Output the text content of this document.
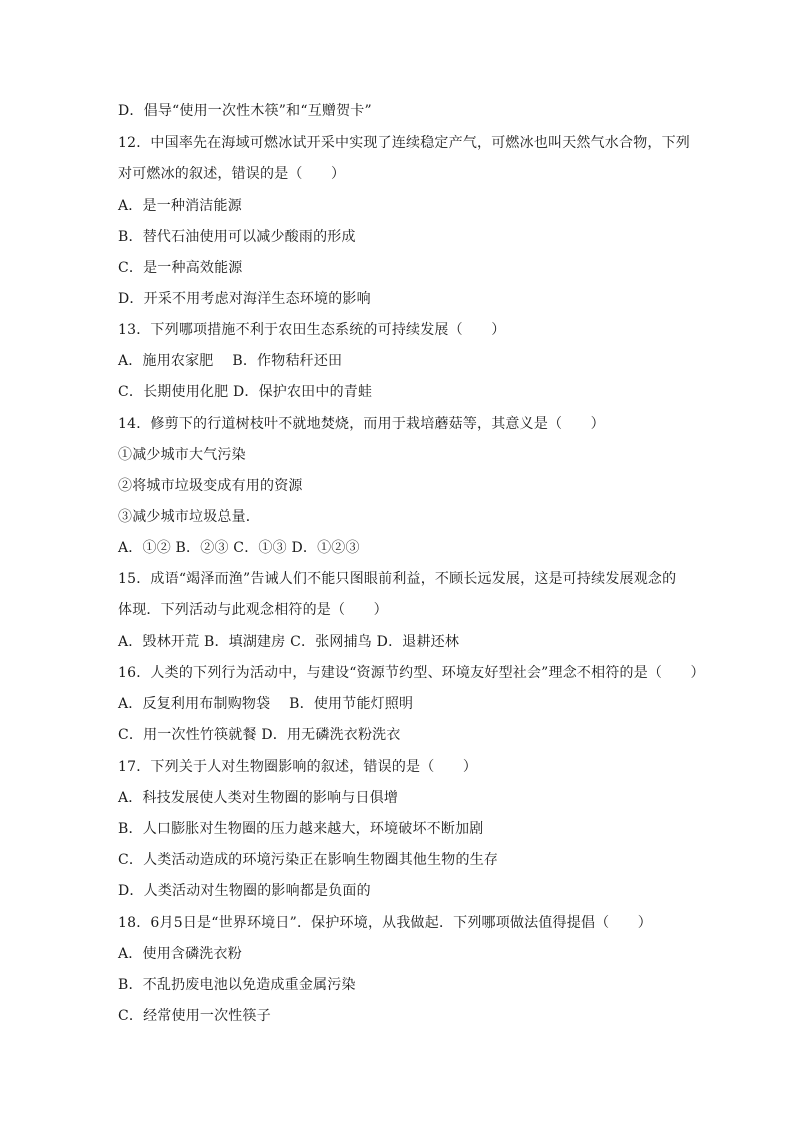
D．倡导“使用一次性木筷”和“互赠贺卡”
12．中国率先在海域可燃冰试开采中实现了连续稳定产气，可燃冰也叫天然气水合物，下列
对可燃冰的叙述，错误的是（　　）
A．是一种消洁能源
B．替代石油使用可以减少酸雨的形成
C．是一种高效能源
D．开采不用考虑对海洋生态环境的影响
13．下列哪项措施不利于农田生态系统的可持续发展（　　）
A．施用农家肥　 B．作物秸秆还田
C．长期使用化肥 D．保护农田中的青蛙
14．修剪下的行道树枝叶不就地焚烧，而用于栽培蘑菇等，其意义是（　　）
①减少城市大气污染
②将城市垃圾变成有用的资源
③减少城市垃圾总量．
A．①② B．②③ C．①③ D．①②③
15．成语“竭泽而渔”告诫人们不能只图眼前利益，不顾长远发展，这是可持续发展观念的
体现．下列活动与此观念相符的是（　　）
A．毁林开荒 B．填湖建房 C．张网捕鸟 D．退耕还林
16．人类的下列行为活动中，与建设“资源节约型、环境友好型社会”理念不相符的是（　　）
A．反复利用布制购物袋　 B．使用节能灯照明
C．用一次性竹筷就餐 D．用无磷洗衣粉洗衣
17．下列关于人对生物圈影响的叙述，错误的是（　　）
A．科技发展使人类对生物圈的影响与日俱增
B．人口膨胀对生物圈的压力越来越大，环境破坏不断加剧
C．人类活动造成的环境污染正在影响生物圈其他生物的生存
D．人类活动对生物圈的影响都是负面的
18．6月5日是“世界环境日”．保护环境，从我做起．下列哪项做法值得提倡（　　）
A．使用含磷洗衣粉
B．不乱扔废电池以免造成重金属污染
C．经常使用一次性筷子
